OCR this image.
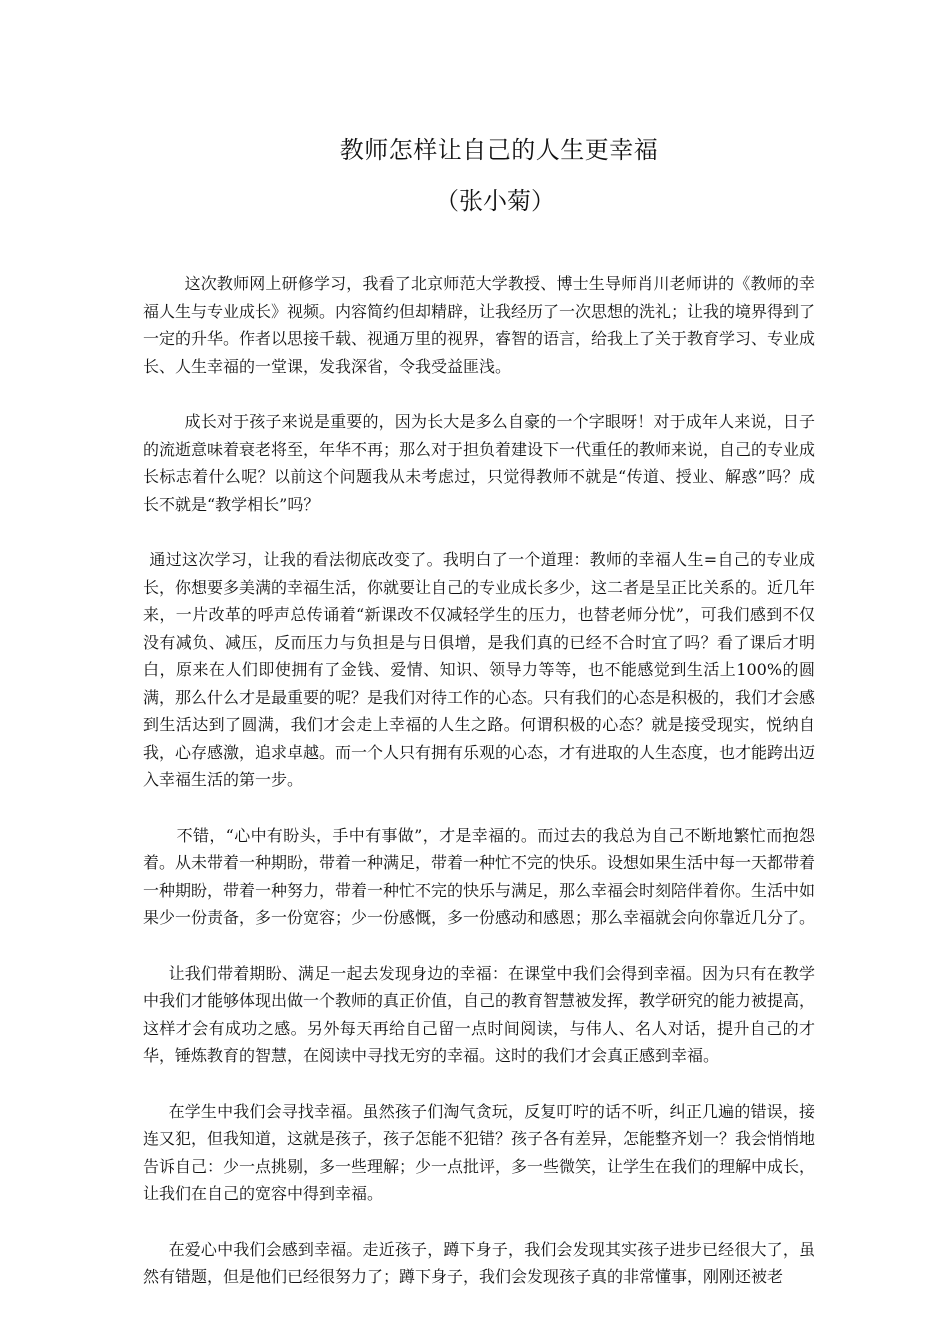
教师怎样让自己的人生更幸福
（张小菊）

这次教师网上研修学习，我看了北京师范大学教授、博士生导师肖川老师讲的《教师的幸福人生与专业成长》视频。内容简约但却精辟，让我经历了一次思想的洗礼；让我的境界得到了一定的升华。作者以思接千载、视通万里的视界，睿智的语言，给我上了关于教育学习、专业成长、人生幸福的一堂课，发我深省，令我受益匪浅。

成长对于孩子来说是重要的，因为长大是多么自豪的一个字眼呀！对于成年人来说，日子的流逝意味着衰老将至，年华不再；那么对于担负着建设下一代重任的教师来说，自己的专业成长标志着什么呢？以前这个问题我从未考虑过，只觉得教师不就是“传道、授业、解惑”吗？成长不就是“教学相长”吗？

通过这次学习，让我的看法彻底改变了。我明白了一个道理：教师的幸福人生=自己的专业成长，你想要多美满的幸福生活，你就要让自己的专业成长多少，这二者是呈正比关系的。近几年来，一片改革的呼声总传诵着“新课改不仅减轻学生的压力，也替老师分忧”，可我们感到不仅没有减负、减压，反而压力与负担是与日俱增，是我们真的已经不合时宜了吗？看了课后才明白，原来在人们即使拥有了金钱、爱情、知识、领导力等等，也不能感觉到生活上100%的圆满，那么什么才是最重要的呢？是我们对待工作的心态。只有我们的心态是积极的，我们才会感到生活达到了圆满，我们才会走上幸福的人生之路。何谓积极的心态？就是接受现实，悦纳自我，心存感激，追求卓越。而一个人只有拥有乐观的心态，才有进取的人生态度，也才能跨出迈入幸福生活的第一步。

不错，“心中有盼头，手中有事做”，才是幸福的。而过去的我总为自己不断地繁忙而抱怨着。从未带着一种期盼，带着一种满足，带着一种忙不完的快乐。设想如果生活中每一天都带着一种期盼，带着一种努力，带着一种忙不完的快乐与满足，那么幸福会时刻陪伴着你。生活中如果少一份责备，多一份宽容；少一份感慨，多一份感动和感恩；那么幸福就会向你靠近几分了。

让我们带着期盼、满足一起去发现身边的幸福：在课堂中我们会得到幸福。因为只有在教学中我们才能够体现出做一个教师的真正价值，自己的教育智慧被发挥，教学研究的能力被提高，这样才会有成功之感。另外每天再给自己留一点时间阅读，与伟人、名人对话，提升自己的才华，锤炼教育的智慧，在阅读中寻找无穷的幸福。这时的我们才会真正感到幸福。

在学生中我们会寻找幸福。虽然孩子们淘气贪玩，反复叮咛的话不听，纠正几遍的错误，接连又犯，但我知道，这就是孩子，孩子怎能不犯错？孩子各有差异，怎能整齐划一？我会悄悄地告诉自己：少一点挑剔，多一些理解；少一点批评，多一些微笑，让学生在我们的理解中成长，让我们在自己的宽容中得到幸福。

在爱心中我们会感到幸福。走近孩子，蹲下身子，我们会发现其实孩子进步已经很大了，虽然有错题，但是他们已经很努力了；蹲下身子，我们会发现孩子真的非常懂事，刚刚还被老
